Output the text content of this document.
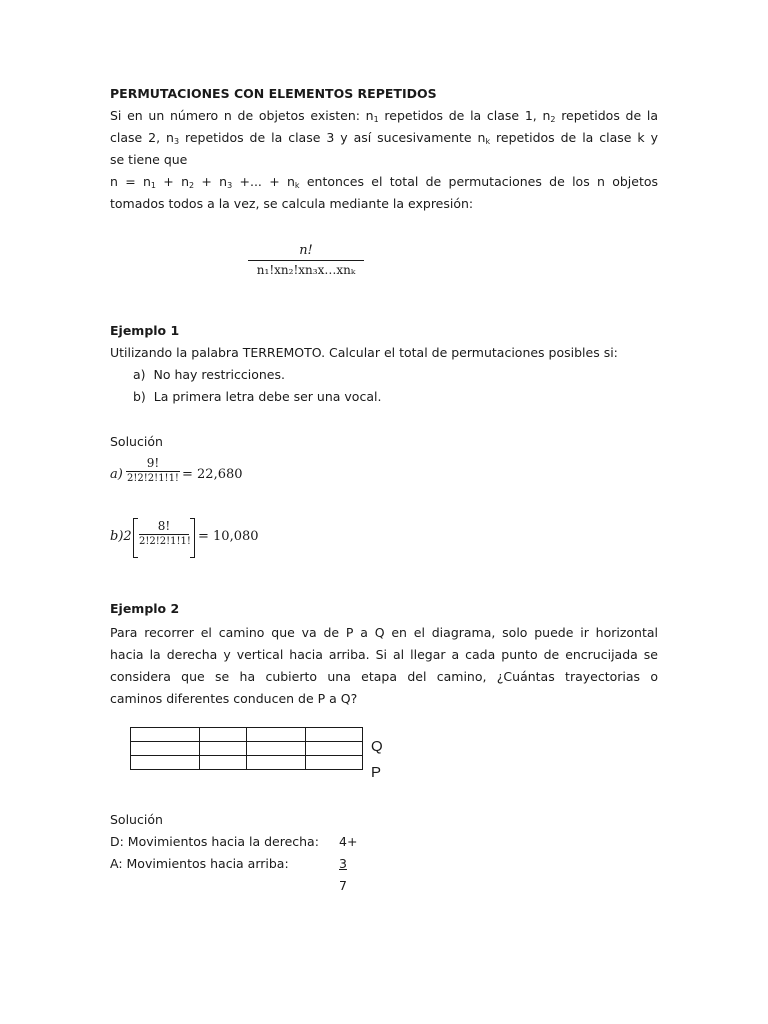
PERMUTACIONES CON ELEMENTOS REPETIDOS
Si en un número n de objetos existen: $n_1$ repetidos de la clase 1, $n_2$ repetidos de la
clase 2, $n_3$ repetidos de la clase 3 y así sucesivamente $n_k$ repetidos de la clase k y
se tiene que
$n = n_1 + n_2 + n_3$ +... + $n_k$ entonces el total de permutaciones de los n objetos
tomados todos a la vez, se calcula mediante la expresión:
n!
n₁!xn₂!xn₃x…xnₖ
Ejemplo 1
Utilizando la palabra TERREMOTO. Calcular el total de permutaciones posibles si:
a) No hay restricciones.
b) La primera letra debe ser una vocal.
Solución
a)
9!
2!2!2!1!1! = 22,680
b)2
8!
2!2!2!1!1! = 10,080
Ejemplo 2
Para recorrer el camino que va de P a Q en el diagrama, solo puede ir horizontal
hacia la derecha y vertical hacia arriba. Si al llegar a cada punto de encrucijada se
considera que se ha cubierto una etapa del camino, ¿Cuántas trayectorias o
caminos diferentes conducen de P a Q?

Q
P
Solución
D: Movimientos hacia la derecha:	4+
A: Movimientos hacia arriba:	3
7
